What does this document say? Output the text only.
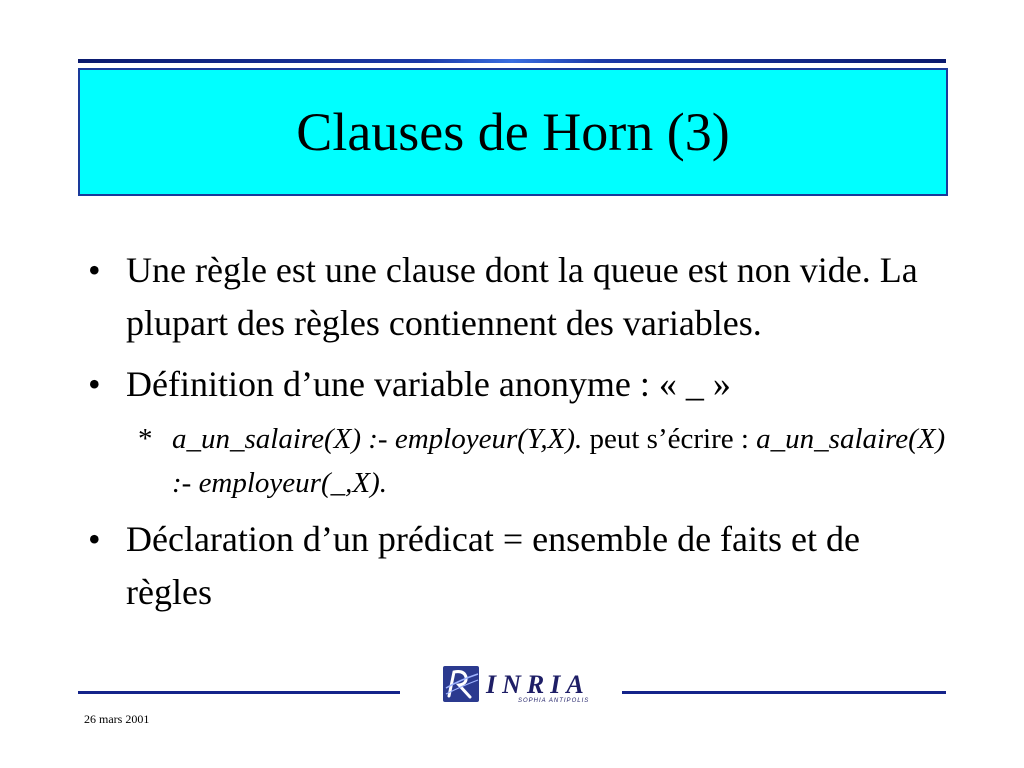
Clauses de Horn (3)
• Une règle est une clause dont la queue est non vide. La plupart des règles contiennent des variables.
• Définition d’une variable anonyme : « _ »
* a_un_salaire(X) :- employeur(Y,X). peut s’écrire : a_un_salaire(X) :- employeur(_,X).
• Déclaration d’un prédicat = ensemble de faits et de règles
INRIA
SOPHIA ANTIPOLIS
26 mars 2001
